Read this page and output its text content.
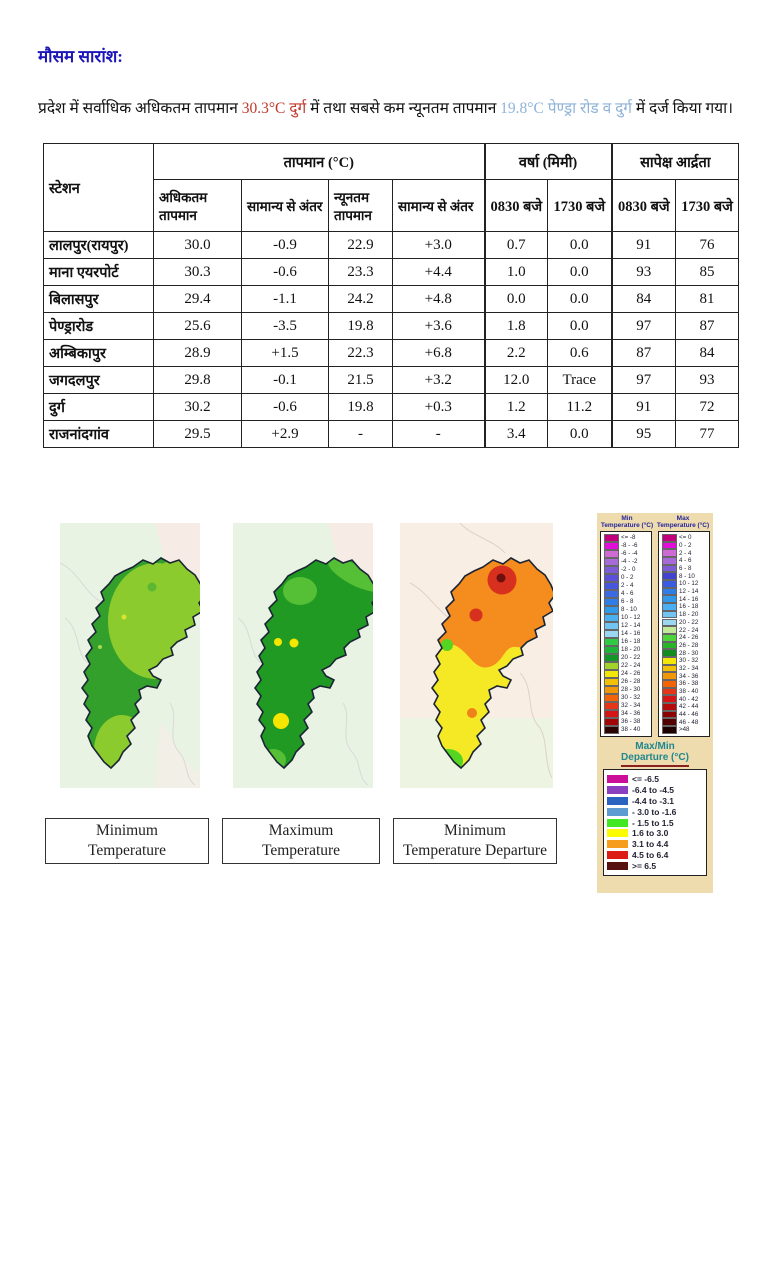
मौसम सारांश:
प्रदेश में सर्वाधिक अधिकतम तापमान 30.3°C दुर्ग में तथा सबसे कम न्यूनतम तापमान 19.8°C पेण्ड्रा रोड व दुर्ग में दर्ज किया गया।
स्टेशन	तापमान (°C)				वर्षा (मिमी)		सापेक्ष आर्द्रता	
	अधिकतम तापमान	सामान्य से अंतर	न्यूनतम तापमान	सामान्य से अंतर	0830 बजे	1730 बजे	0830 बजे	1730 बजे
लालपुर(रायपुर)	30.0	-0.9	22.9	+3.0	0.7	0.0	91	76
माना एयरपोर्ट	30.3	-0.6	23.3	+4.4	1.0	0.0	93	85
बिलासपुर	29.4	-1.1	24.2	+4.8	0.0	0.0	84	81
पेण्ड्रारोड	25.6	-3.5	19.8	+3.6	1.8	0.0	97	87
अम्बिकापुर	28.9	+1.5	22.3	+6.8	2.2	0.6	87	84
जगदलपुर	29.8	-0.1	21.5	+3.2	12.0	Trace	97	93
दुर्ग	30.2	-0.6	19.8	+0.3	1.2	11.2	91	72
राजनांदगांव	29.5	+2.9	-	-	3.4	0.0	95	77
Minimum
Temperature
Maximum
Temperature
Minimum
Temperature Departure
Min
Temperature (°C)
Max
Temperature (°C)
<= -8
-8 - -6
-6 - -4
-4 - -2
-2 - 0
0 - 2
2 - 4
4 - 6
6 - 8
8 - 10
10 - 12
12 - 14
14 - 16
16 - 18
18 - 20
20 - 22
22 - 24
24 - 26
26 - 28
28 - 30
30 - 32
32 - 34
34 - 36
36 - 38
38 - 40
<= 0
0 - 2
2 - 4
4 - 6
6 - 8
8 - 10
10 - 12
12 - 14
14 - 16
16 - 18
18 - 20
20 - 22
22 - 24
24 - 26
26 - 28
28 - 30
30 - 32
32 - 34
34 - 36
36 - 38
38 - 40
40 - 42
42 - 44
44 - 46
46 - 48
>48
Max/Min
Departure (°C)
<= -6.5
-6.4 to -4.5
-4.4 to -3.1
- 3.0 to -1.6
- 1.5 to 1.5
1.6 to 3.0
3.1 to 4.4
4.5 to 6.4
>= 6.5
